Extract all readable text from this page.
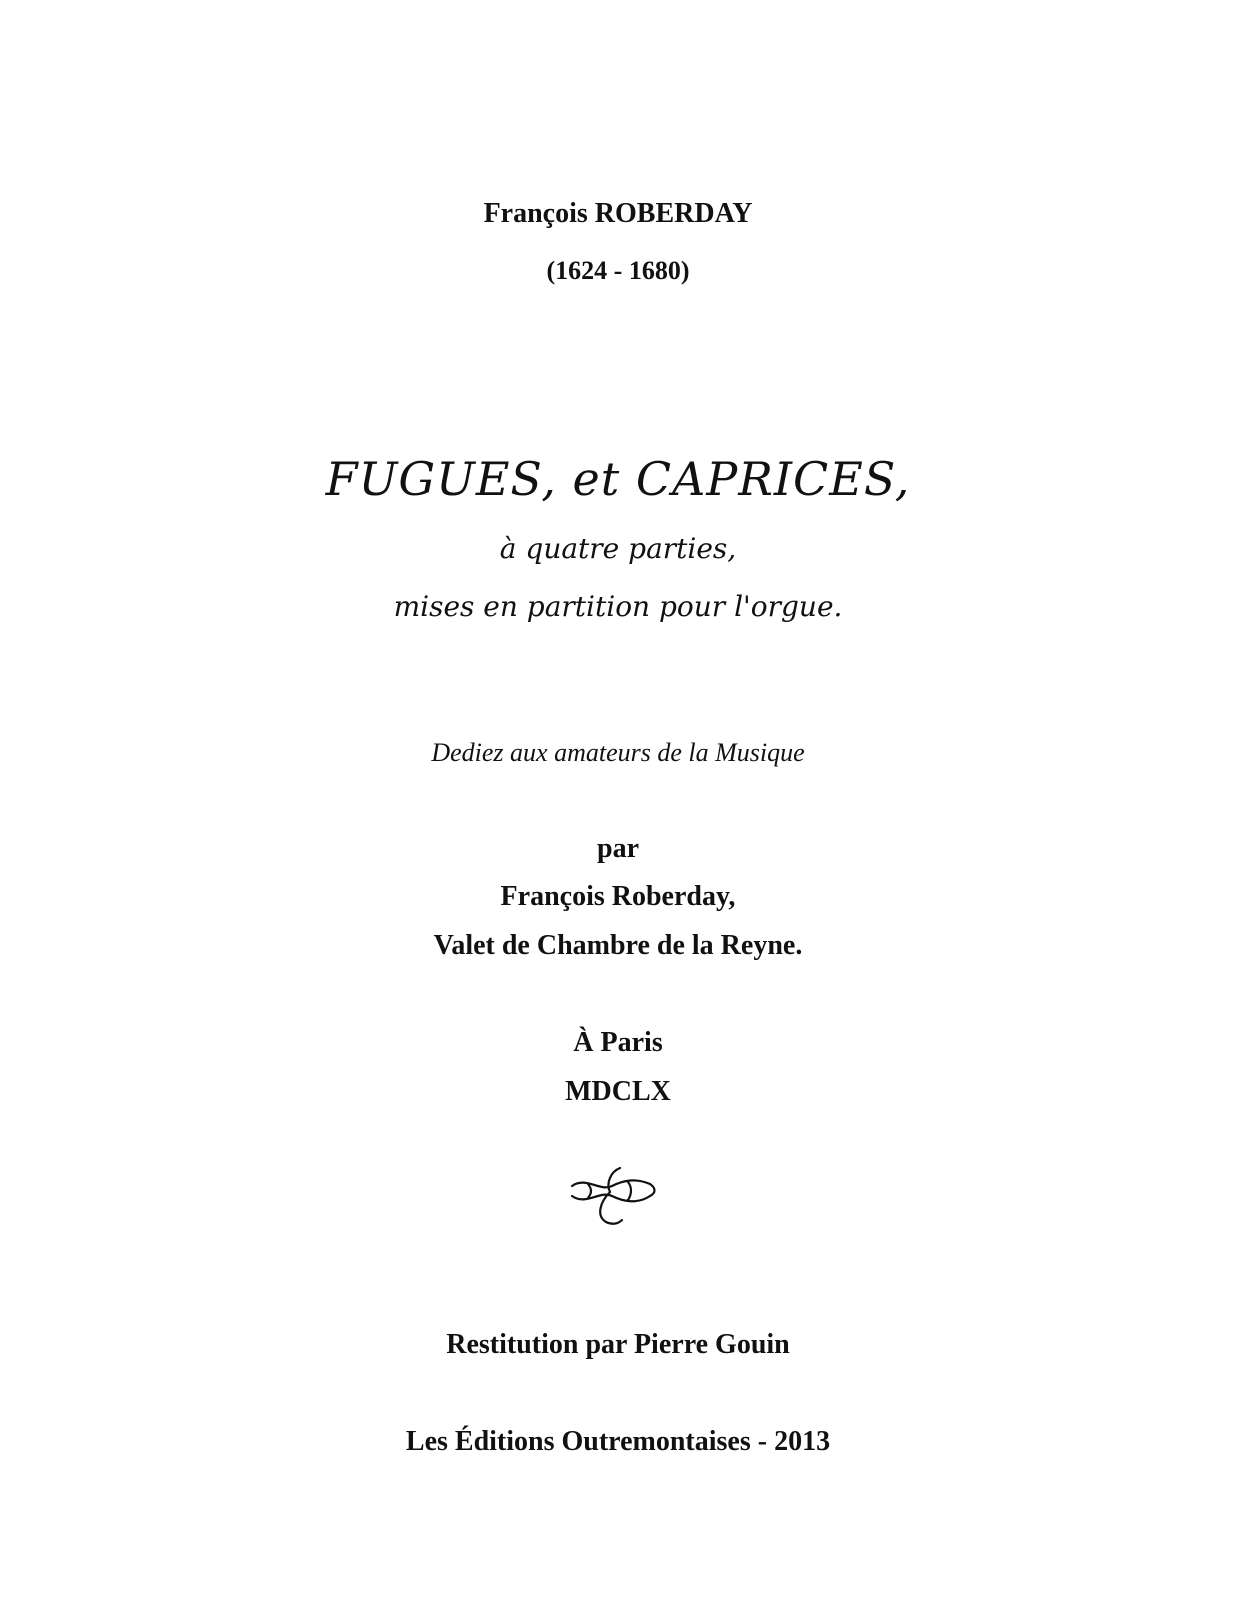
François ROBERDAY
(1624 - 1680)
FUGUES, et CAPRICES,
à quatre parties,
mises en partition pour l'orgue.
Dediez aux amateurs de la Musique
par
François Roberday,
Valet de Chambre de la Reyne.
À Paris
MDCLX
Restitution par Pierre Gouin
Les Éditions Outremontaises - 2013
